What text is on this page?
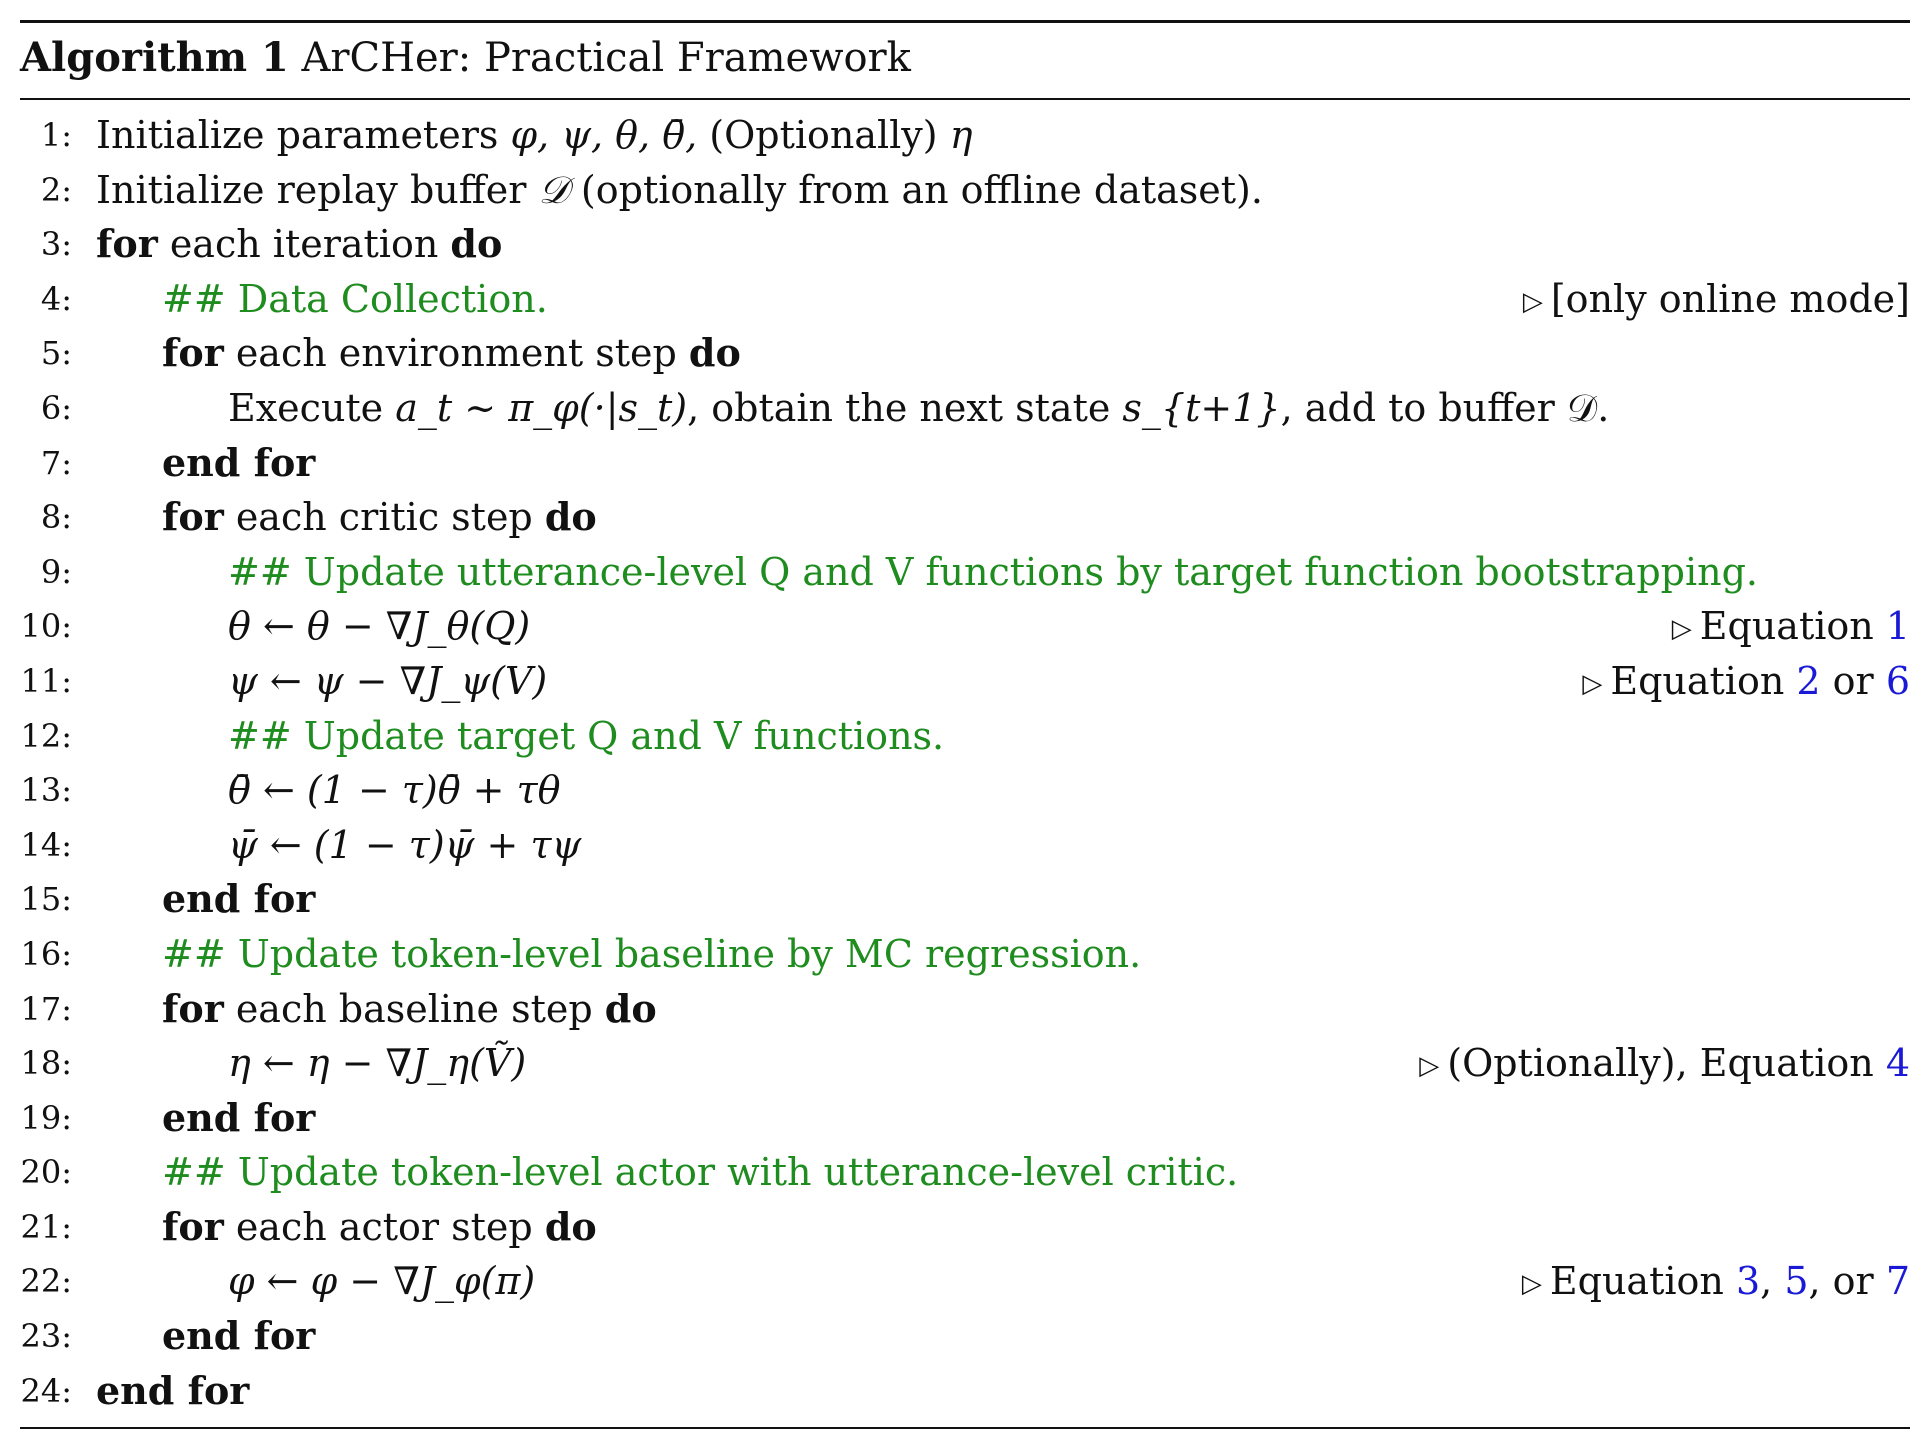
Algorithm 1 ArCHer: Practical Framework
1: Initialize parameters φ, ψ, θ, θ̄, (Optionally) η
2: Initialize replay buffer 𝒟 (optionally from an offline dataset).
3: for each iteration do
4: ## Data Collection.	▷ [only online mode]
5: for each environment step do
6:	Execute a_t ∼ π_φ(·|s_t), obtain the next state s_{t+1}, add to buffer 𝒟.
7: end for
8: for each critic step do
9:	## Update utterance-level Q and V functions by target function bootstrapping.
10:	θ ← θ − ∇J_θ(Q)	▷ Equation 1
11:	ψ ← ψ − ∇J_ψ(V)	▷ Equation 2 or 6
12:	## Update target Q and V functions.
13:	θ̄ ← (1 − τ)θ̄ + τθ
14:	ψ̄ ← (1 − τ)ψ̄ + τψ
15: end for
16: ## Update token-level baseline by MC regression.
17: for each baseline step do
18:	η ← η − ∇J_η(Ṽ)	▷ (Optionally), Equation 4
19: end for
20: ## Update token-level actor with utterance-level critic.
21: for each actor step do
22:	φ ← φ − ∇J_φ(π)	▷ Equation 3, 5, or 7
23: end for
24: end for
